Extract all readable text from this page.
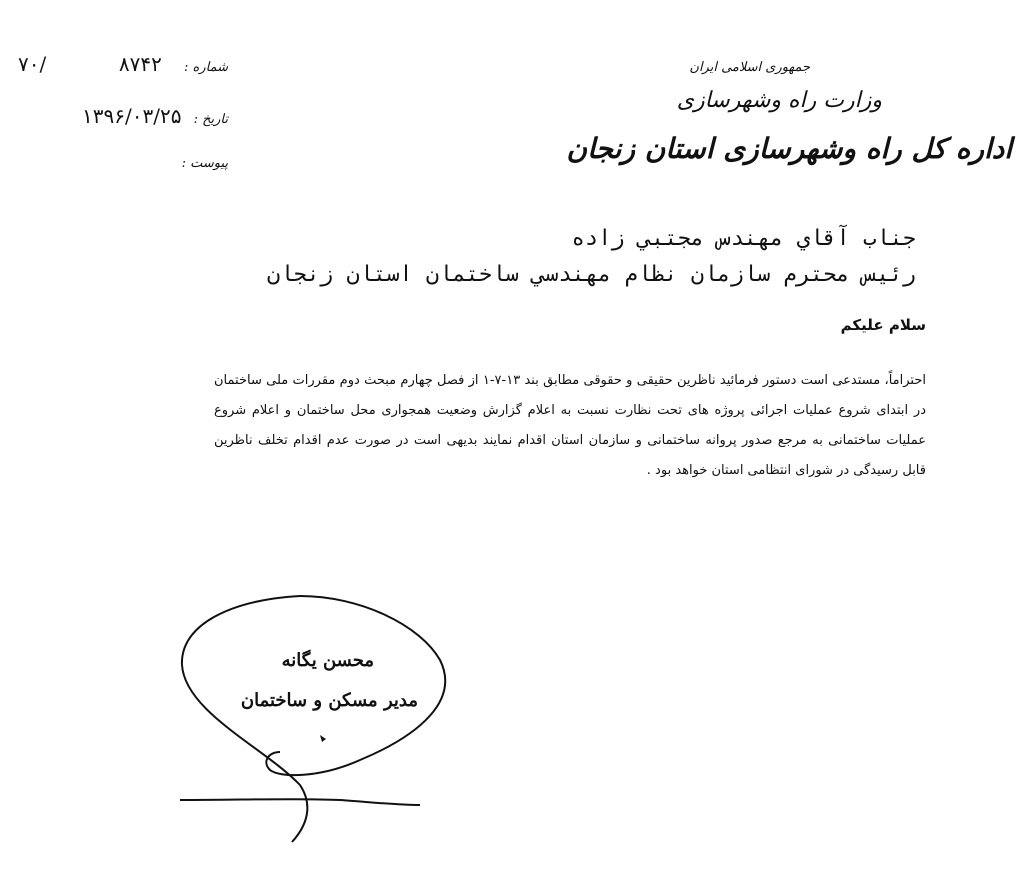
جمهوری اسلامی ایران
وزارت راه وشهرسازی
اداره کل راه وشهرسازی استان زنجان
۷۰/	شماره : ۸۷۴۲
تاریخ : ۱۳۹۶/۰۳/۲۵
پیوست :
جناب آقاي مهندس مجتبي زاده
رئيس محترم سازمان نظام مهندسي ساختمان استان زنجان
سلام علیکم
احتراماً، مستدعی است دستور فرمائید ناظرین حقیقی و حقوقی مطابق بند ۱۳-۷-۱ از فصل چهارم مبحث دوم مقررات ملی ساختمان در ابتدای شروع عملیات اجرائی پروژه های تحت نظارت نسبت به اعلام گزارش وضعیت همجواری محل ساختمان و اعلام شروع عملیات ساختمانی به مرجع صدور پروانه ساختمانی و سازمان استان اقدام نمایند بدیهی است در صورت عدم اقدام تخلف ناظرین قابل رسیدگی در شورای انتظامی استان خواهد بود .
محسن یگانه
مدیر مسکن و ساختمان
